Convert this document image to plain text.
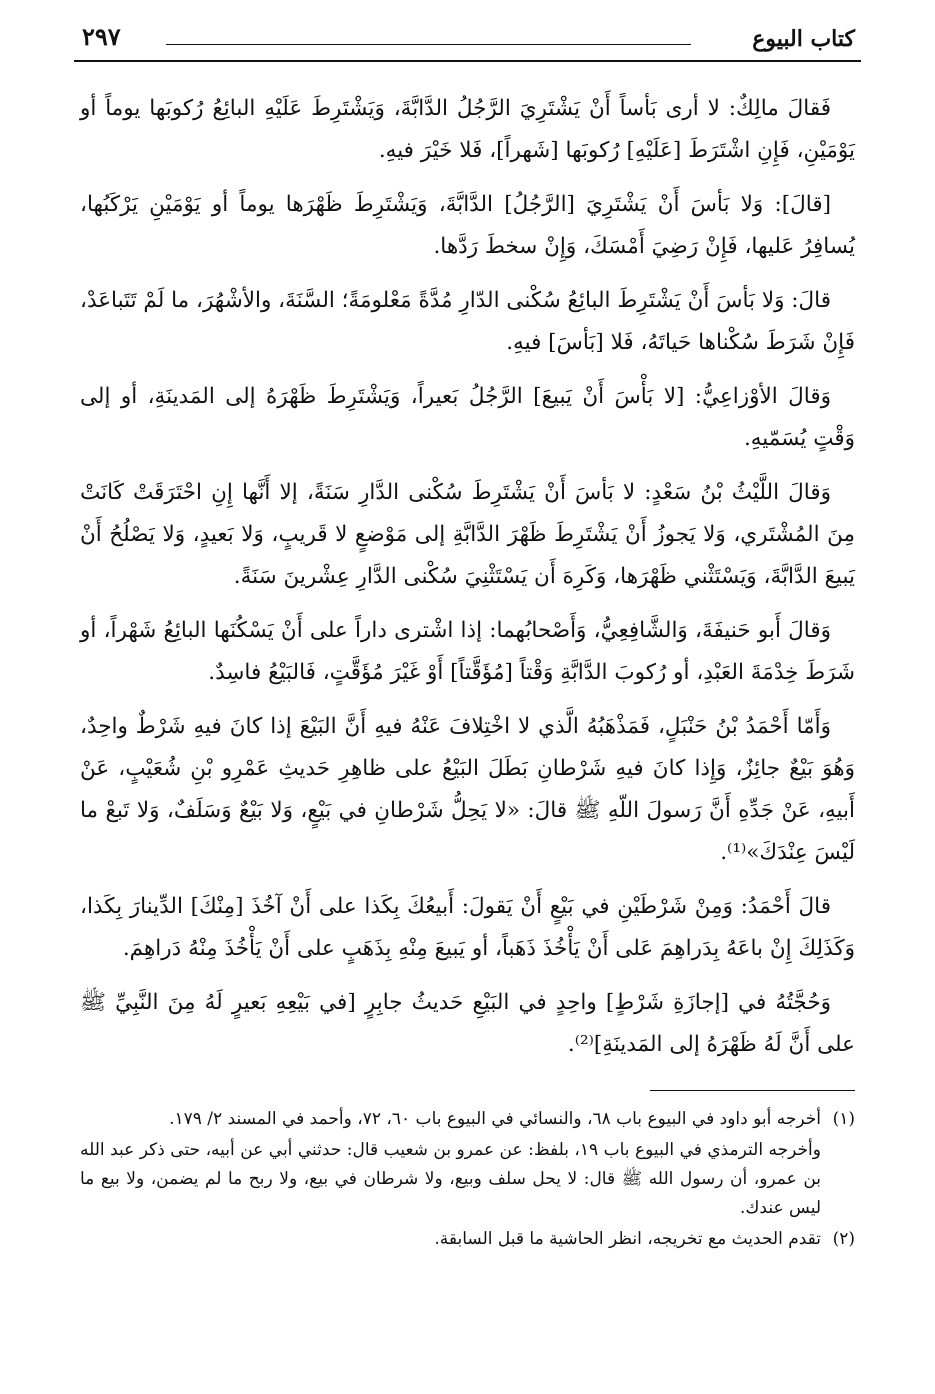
كتاب البيوع
٢٩٧

فَقالَ مالِكٌ: لا أرى بَأساً أَنْ يَشْتَرِيَ الرَّجُلُ الدَّابَّةَ، وَيَشْتَرِطَ عَلَيْهِ البائِعُ رُكوبَها يوماً أو يَوْمَيْنِ، فَإِنِ اشْتَرَطَ [عَلَيْهِ] رُكوبَها [شَهراً]، فَلا خَيْرَ فيهِ.

[قالَ]: وَلا بَأسَ أَنْ يَشْتَرِيَ [الرَّجُلُ] الدَّابَّةَ، وَيَشْتَرِطَ ظَهْرَها يوماً أو يَوْمَيْنِ يَرْكَبُها، يُسافِرُ عَليها، فَإِنْ رَضِيَ أَمْسَكَ، وَإِنْ سخطَ رَدَّها.

قالَ: وَلا بَأسَ أَنْ يَشْتَرِطَ البائِعُ سُكْنى الدّارِ مُدَّةً مَعْلومَةً؛ السَّنَةَ، والأشْهُرَ، ما لَمْ تَتَباعَدْ، فَإِنْ شَرَطَ سُكْناها حَياتَهُ، فَلا [بَأسَ] فيهِ.

وَقالَ الأوْزاعِيُّ: [لا بَأْسَ أَنْ يَبيعَ] الرَّجُلُ بَعيراً، وَيَشْتَرِطَ ظَهْرَهُ إلى المَدينَةِ، أو إلى وَقْتٍ يُسَمّيهِ.

وَقالَ اللَّيْثُ بْنُ سَعْدٍ: لا بَأسَ أَنْ يَشْتَرِطَ سُكْنى الدَّارِ سَنَةً، إلا أَنَّها إِنِ احْتَرَقَتْ كَانَتْ مِنَ المُشْتَري، وَلا يَجوزُ أَنْ يَشْتَرِطَ ظَهْرَ الدَّابَّةِ إلى مَوْضعٍ لا قَريبٍ، وَلا بَعيدٍ، وَلا يَصْلُحُ أَنْ يَبيعَ الدَّابَّةَ، وَيَسْتَثْني ظَهْرَها، وَكَرِهَ أَن يَسْتَثْنِيَ سُكْنى الدَّارِ عِشْرينَ سَنَةً.

وَقالَ أَبو حَنيفَةَ، وَالشَّافِعِيُّ، وَأَصْحابُهما: إذا اشْترى داراً على أَنْ يَسْكُنَها البائِعُ شَهْراً، أو شَرَطَ خِدْمَةَ العَبْدِ، أو رُكوبَ الدَّابَّةِ وَقْتاً [مُؤَقَّتاً] أَوْ غَيْرَ مُؤَقَّتٍ، فَالبَيْعُ فاسِدٌ.

وَأَمّا أَحْمَدُ بْنُ حَنْبَلٍ، فَمَذْهَبُهُ الَّذي لا اخْتِلافَ عَنْهُ فيهِ أَنَّ البَيْعَ إذا كانَ فيهِ شَرْطٌ واحِدٌ، وَهُوَ بَيْعٌ جائِزٌ، وَإِذا كانَ فيهِ شَرْطانِ بَطَلَ البَيْعُ على ظاهِرِ حَديثِ عَمْرِو بْنِ شُعَيْبٍ، عَنْ أَبيهِ، عَنْ جَدِّهِ أَنَّ رَسولَ اللّهِ ﷺ قالَ: «لا يَحِلُّ شَرْطانِ في بَيْعٍ، وَلا بَيْعٌ وَسَلَفٌ، وَلا تَبعْ ما لَيْسَ عِنْدَكَ»⁽¹⁾.

قالَ أَحْمَدُ: وَمِنْ شَرْطَيْنِ في بَيْعٍ أَنْ يَقولَ: أَبيعُكَ بِكَذا على أَنْ آخُذَ [مِنْكَ] الدِّينارَ بِكَذا، وَكَذَلِكَ إِنْ باعَهُ بِدَراهِمَ عَلى أَنْ يَأْخُذَ ذَهَباً، أو يَبيعَ مِنْهِ بِذَهَبٍ على أَنْ يَأْخُذَ مِنْهُ دَراهِمَ.

وَحُجَّتُهُ في [إجازَةِ شَرْطٍ] واحِدٍ في البَيْعِ حَديثُ جابِرٍ [في بَيْعِهِ بَعيرٍ لَهُ مِنَ النَّبِيِّ ﷺ على أَنَّ لَهُ ظَهْرَهُ إلى المَدينَةِ]⁽²⁾.

(١)
أخرجه أبو داود في البيوع باب ٦٨، والنسائي في البيوع باب ٦٠، ٧٢، وأحمد في المسند ٢/ ١٧٩.

وأخرجه الترمذي في البيوع باب ١٩، بلفظ: عن عمرو بن شعيب قال: حدثني أبي عن أبيه، حتى ذكر عبد الله بن عمرو، أن رسول الله ﷺ قال: لا يحل سلف وبيع، ولا شرطان في بيع، ولا ربح ما لم يضمن، ولا بيع ما ليس عندك.

(٢)
تقدم الحديث مع تخريجه، انظر الحاشية ما قبل السابقة.
